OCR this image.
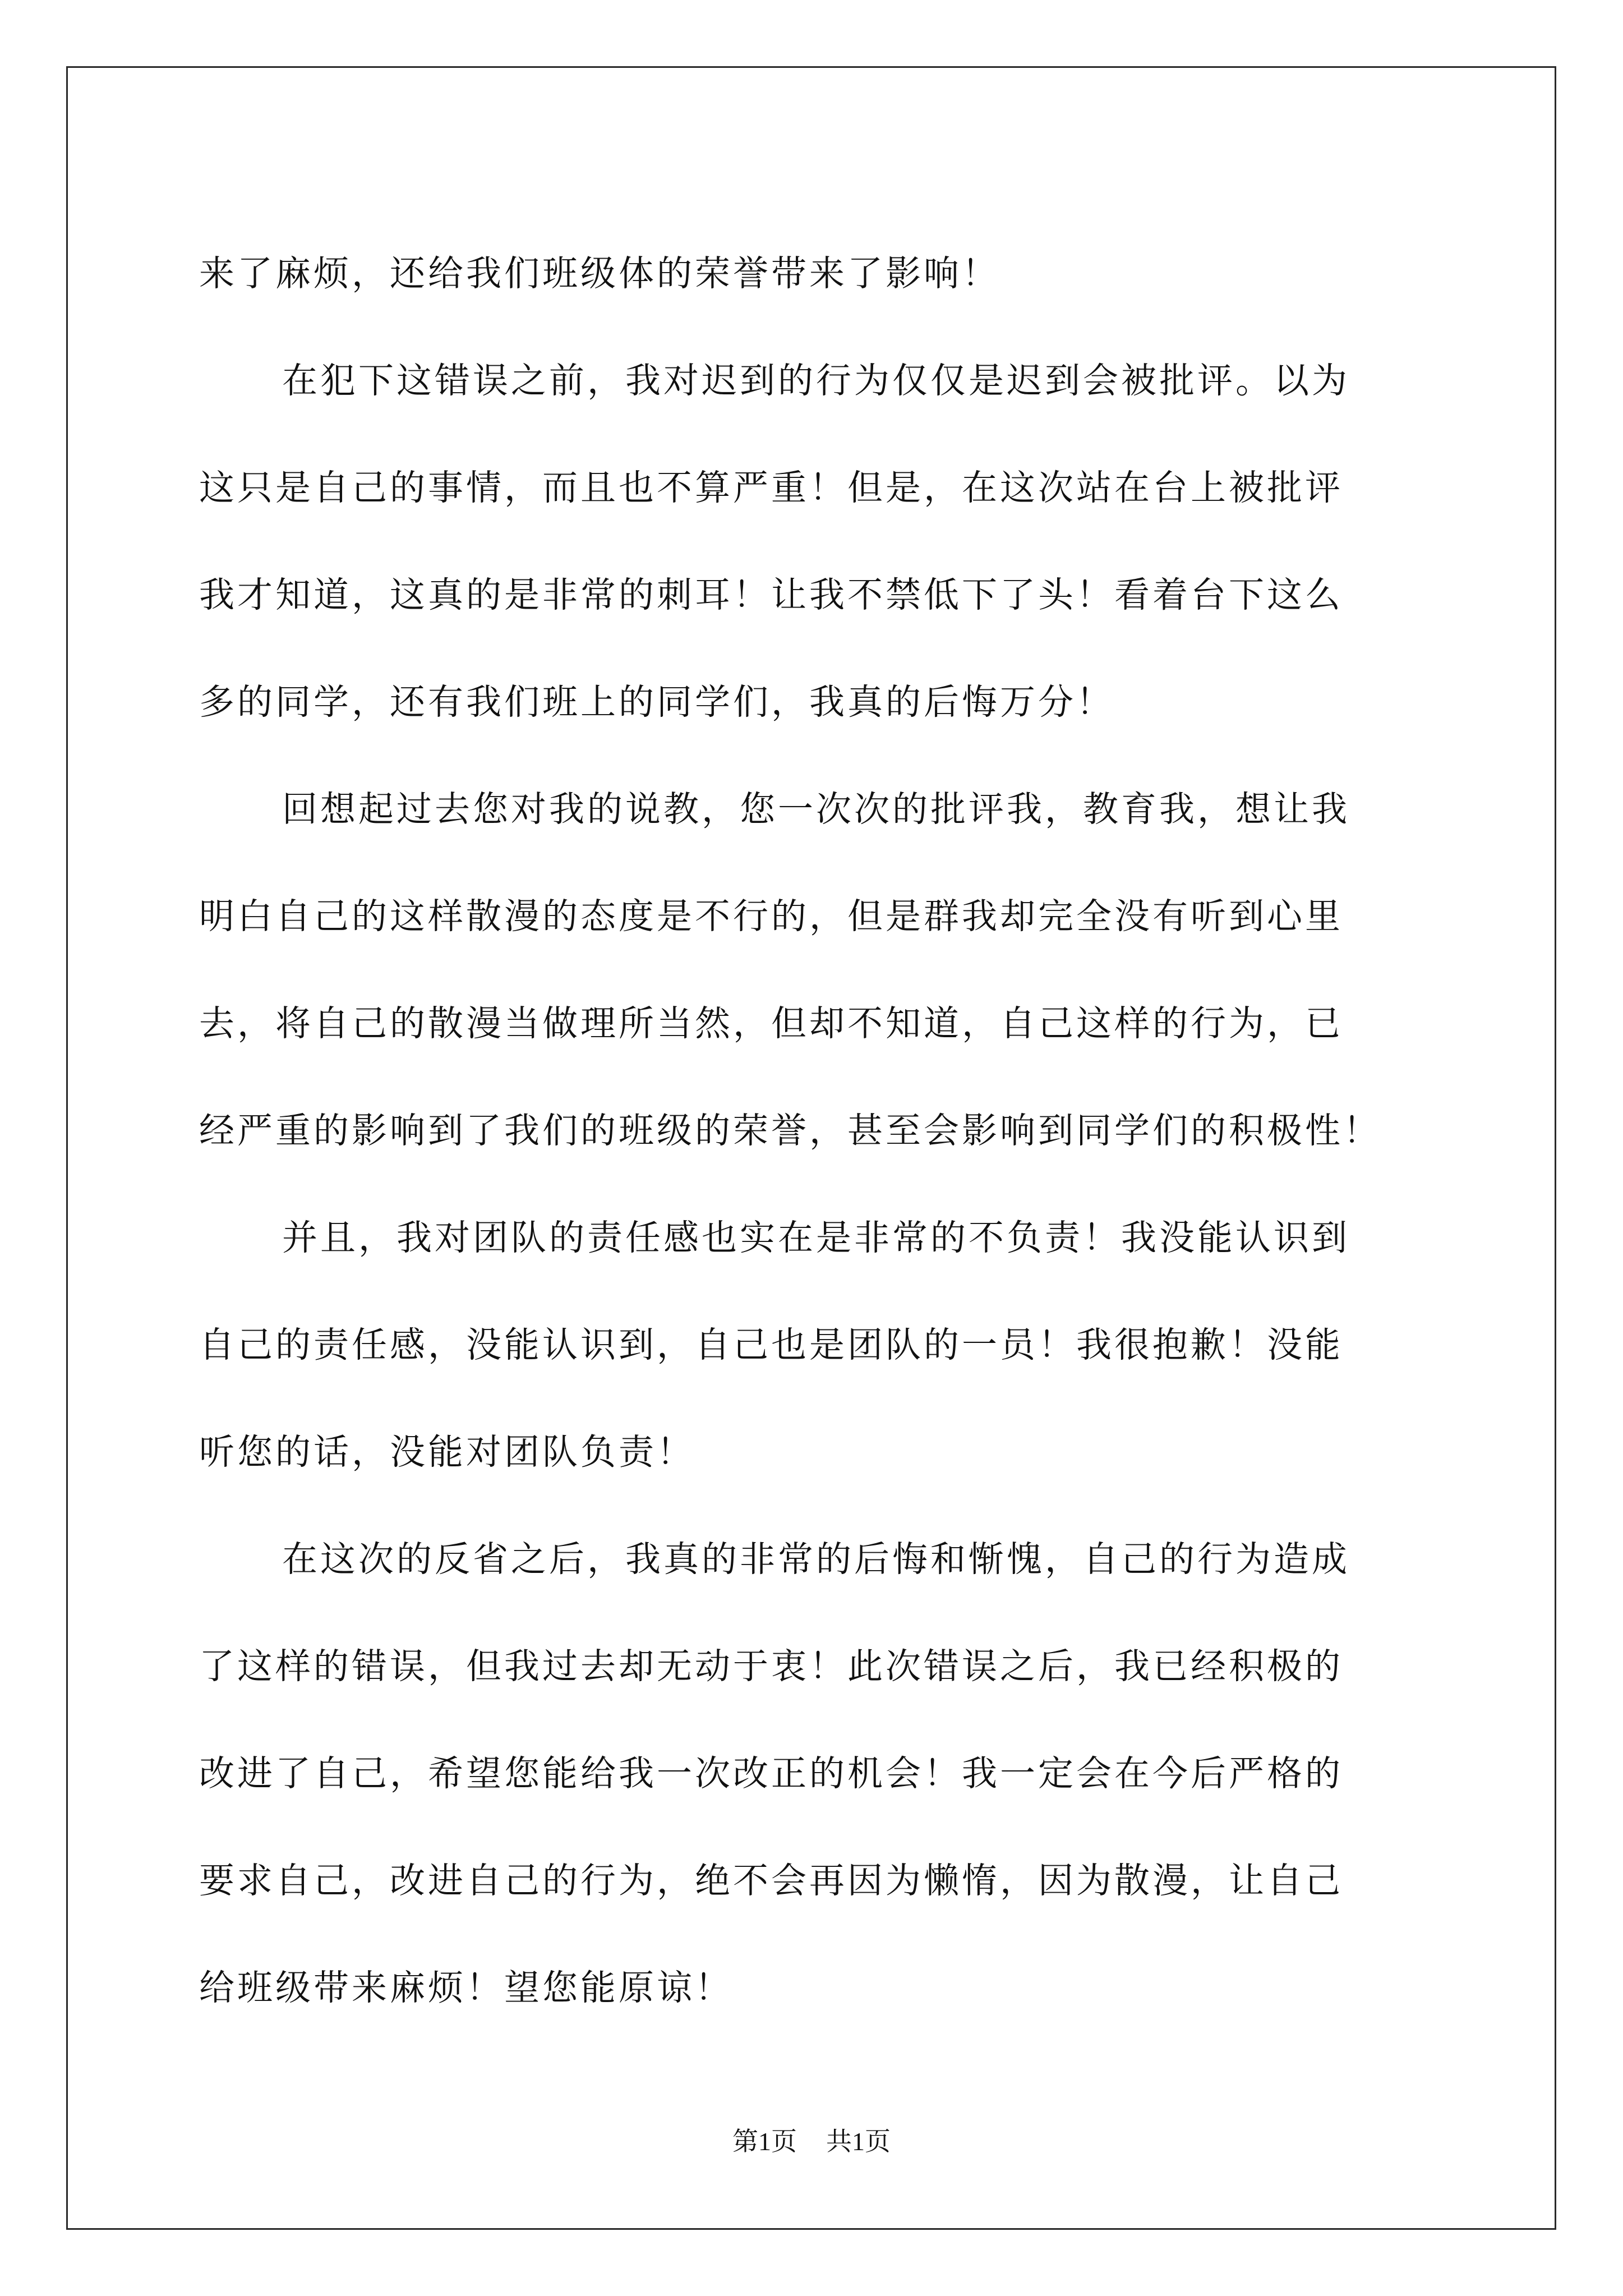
来了麻烦，还给我们班级体的荣誉带来了影响！
在犯下这错误之前，我对迟到的行为仅仅是迟到会被批评。以为
这只是自己的事情，而且也不算严重！但是，在这次站在台上被批评
我才知道，这真的是非常的刺耳！让我不禁低下了头！看着台下这么
多的同学，还有我们班上的同学们，我真的后悔万分！
回想起过去您对我的说教，您一次次的批评我，教育我，想让我
明白自己的这样散漫的态度是不行的，但是群我却完全没有听到心里
去，将自己的散漫当做理所当然，但却不知道，自己这样的行为，已
经严重的影响到了我们的班级的荣誉，甚至会影响到同学们的积极性！
并且，我对团队的责任感也实在是非常的不负责！我没能认识到
自己的责任感，没能认识到，自己也是团队的一员！我很抱歉！没能
听您的话，没能对团队负责！
在这次的反省之后，我真的非常的后悔和惭愧，自己的行为造成
了这样的错误，但我过去却无动于衷！此次错误之后，我已经积极的
改进了自己，希望您能给我一次改正的机会！我一定会在今后严格的
要求自己，改进自己的行为，绝不会再因为懒惰，因为散漫，让自己
给班级带来麻烦！望您能原谅！
第1页 共1页
